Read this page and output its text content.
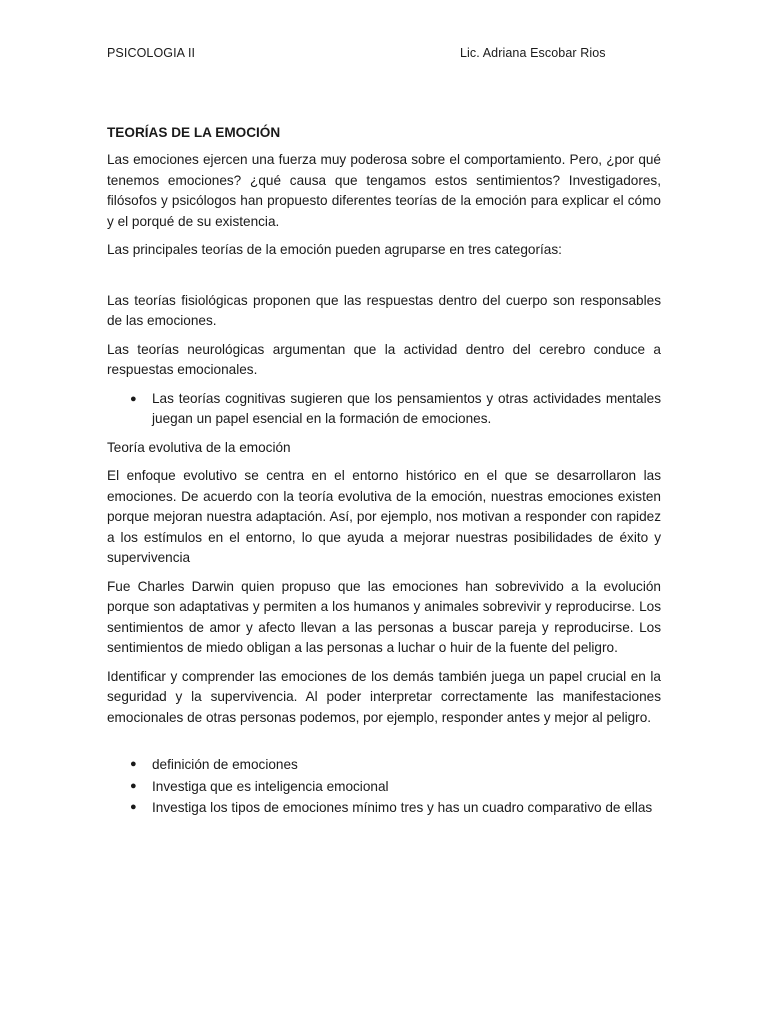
PSICOLOGIA II	Lic. Adriana Escobar Rios
TEORÍAS DE LA EMOCIÓN

Las emociones ejercen una fuerza muy poderosa sobre el comportamiento. Pero, ¿por qué tenemos emociones? ¿qué causa que tengamos estos sentimientos? Investigadores, filósofos y psicólogos han propuesto diferentes teorías de la emoción para explicar el cómo y el porqué de su existencia.

Las principales teorías de la emoción pueden agruparse en tres categorías:

Las teorías fisiológicas proponen que las respuestas dentro del cuerpo son responsables de las emociones.

Las teorías neurológicas argumentan que la actividad dentro del cerebro conduce a respuestas emocionales.

● Las teorías cognitivas sugieren que los pensamientos y otras actividades mentales juegan un papel esencial en la formación de emociones.

Teoría evolutiva de la emoción

El enfoque evolutivo se centra en el entorno histórico en el que se desarrollaron las emociones. De acuerdo con la teoría evolutiva de la emoción, nuestras emociones existen porque mejoran nuestra adaptación. Así, por ejemplo, nos motivan a responder con rapidez a los estímulos en el entorno, lo que ayuda a mejorar nuestras posibilidades de éxito y supervivencia

Fue Charles Darwin quien propuso que las emociones han sobrevivido a la evolución porque son adaptativas y permiten a los humanos y animales sobrevivir y reproducirse. Los sentimientos de amor y afecto llevan a las personas a buscar pareja y reproducirse. Los sentimientos de miedo obligan a las personas a luchar o huir de la fuente del peligro.

Identificar y comprender las emociones de los demás también juega un papel crucial en la seguridad y la supervivencia. Al poder interpretar correctamente las manifestaciones emocionales de otras personas podemos, por ejemplo, responder antes y mejor al peligro.

● definición de emociones
● Investiga que es inteligencia emocional
● Investiga los tipos de emociones mínimo tres y has un cuadro comparativo de ellas
